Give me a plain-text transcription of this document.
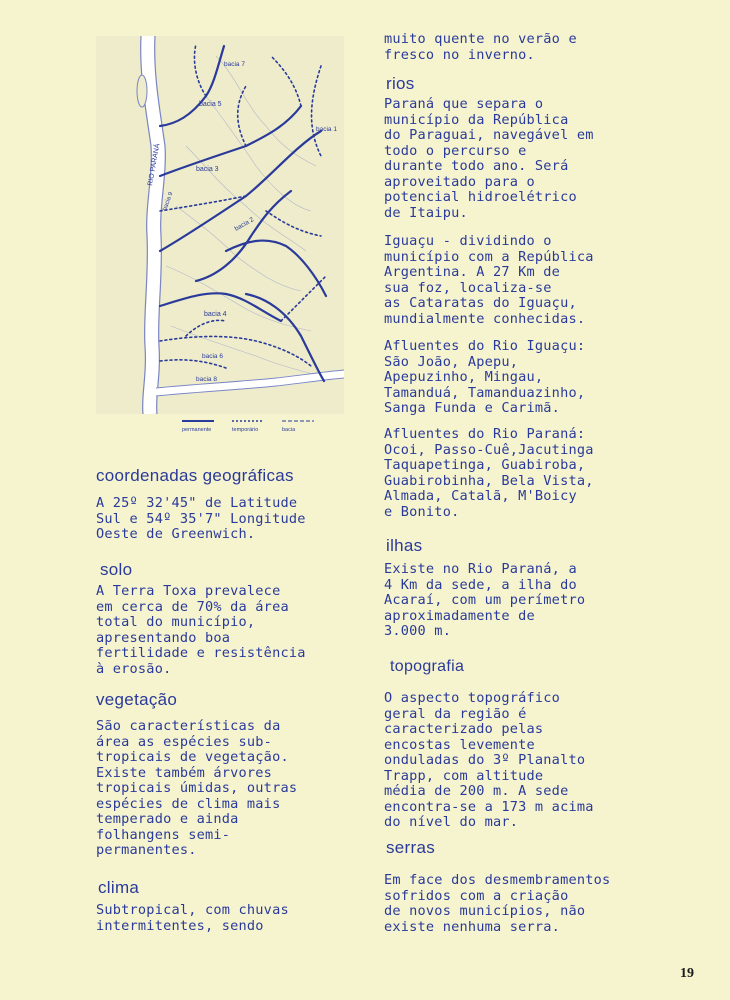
RIO PARANÁ
bacia 1
bacia 2
bacia 3
bacia 4
bacia 5
bacia 6
bacia 7
bacia 8
bacia 9
permanente	temporário	bacia
coordenadas geográficas
A 25º 32'45" de Latitude
Sul e 54º 35'7" Longitude
Oeste de Greenwich.
solo
A Terra Toxa prevalece
em cerca de 70% da área
total do município,
apresentando boa
fertilidade e resistência
à erosão.
vegetação
São características da
área as espécies sub-
tropicais de vegetação.
Existe também árvores
tropicais úmidas, outras
espécies de clima mais
temperado e ainda
folhangens semi-
permanentes.
clima
Subtropical, com chuvas
intermitentes, sendo
muito quente no verão e
fresco no inverno.
rios
Paraná que separa o
município da República
do Paraguai, navegável em
todo o percurso e
durante todo ano. Será
aproveitado para o
potencial hidroelétrico
de Itaipu.
Iguaçu - dividindo o
município com a República
Argentina. A 27 Km de
sua foz, localiza-se
as Cataratas do Iguaçu,
mundialmente conhecidas.
Afluentes do Rio Iguaçu:
São João, Apepu,
Apepuzinho, Mingau,
Tamanduá, Tamanduazinho,
Sanga Funda e Carimã.
Afluentes do Rio Paraná:
Ocoi, Passo-Cuê,Jacutinga
Taquapetinga, Guabiroba,
Guabirobinha, Bela Vista,
Almada, Catalã, M'Boicy
e Bonito.
ilhas
Existe no Rio Paraná, a
4 Km da sede, a ilha do
Acaraí, com um perímetro
aproximadamente de
3.000 m.
topografia
O aspecto topográfico
geral da região é
caracterizado pelas
encostas levemente
onduladas do 3º Planalto
Trapp, com altitude
média de 200 m. A sede
encontra-se a 173 m acima
do nível do mar.
serras
Em face dos desmembramentos
sofridos com a criação
de novos municípios, não
existe nenhuma serra.
19
